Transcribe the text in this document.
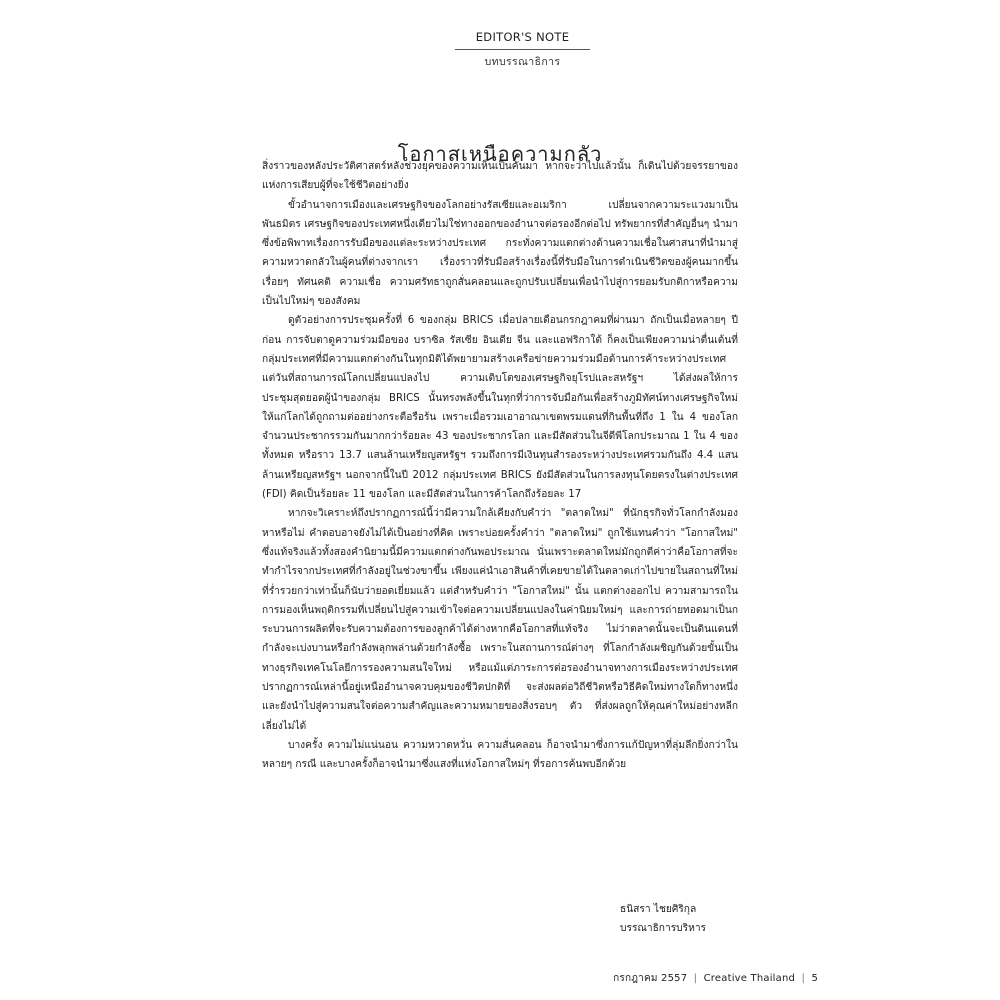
EDITOR'S NOTE
บทบรรณาธิการ
โอกาสเหนือความกลัว

สิ่งราวของหลังประวัติศาสตร์หลังช่วงยุคของความเห็นเป็นคันมา หากจะว่าไปแล้วนั้น ก็เดินไปด้วยจรรยาของแห่งการเสียบผู้ที่จะใช้ชีวิตอย่างยิ่ง

ขั้วอำนาจการเมืองและเศรษฐกิจของโลกอย่างรัสเซียและอเมริกา เปลี่ยนจากความระแวงมาเป็นพันธมิตร เศรษฐกิจของประเทศหนึ่งเดียวไม่ใช่ทางออกของอำนาจต่อรองอีกต่อไป ทรัพยากรที่สำคัญอื่นๆ นำมาซึ่งข้อพิพาทเรื่องการรับมือของแต่ละระหว่างประเทศ กระทั่งความแตกต่างด้านความเชื่อในศาสนาที่นำมาสู่ความหวาดกลัวในผู้คนที่ต่างจากเรา เรื่องราวที่รับมือสร้างเรื่องนี้ที่รับมือในการดำเนินชีวิตของผู้คนมากขึ้นเรื่อยๆ ทัศนคติ ความเชื่อ ความศรัทธาถูกสั่นคลอนและถูกปรับเปลี่ยนเพื่อนำไปสู่การยอมรับกติกาหรือความเป็นไปใหม่ๆ ของสังคม

ดูตัวอย่างการประชุมครั้งที่ 6 ของกลุ่ม BRICS เมื่อปลายเดือนกรกฎาคมที่ผ่านมา ถักเป็นเมื่อหลายๆ ปีก่อน การจับตาดูความร่วมมือของ บราซิล รัสเซีย อินเดีย จีน และแอฟริกาใต้ ก็คงเป็นเพียงความน่าตื่นเต้นที่กลุ่มประเทศที่มีความแตกต่างกันในทุกมิติได้พยายามสร้างเครือข่ายความร่วมมือด้านการค้าระหว่างประเทศ แต่วันที่สถานการณ์โลกเปลี่ยนแปลงไป ความเติบโตของเศรษฐกิจยุโรปและสหรัฐฯ ได้ส่งผลให้การประชุมสุดยอดผู้นำของกลุ่ม BRICS นั้นทรงพลังขึ้นในทุกที่ว่าการจับมือกันเพื่อสร้างภูมิทัศน์ทางเศรษฐกิจใหม่ให้แก่โลกได้ถูกถามต่ออย่างกระตือรือร้น เพราะเมื่อรวมเอาอาณาเขตพรมแดนที่กินพื้นที่ถึง 1 ใน 4 ของโลก จำนวนประชากรรวมกันมากกว่าร้อยละ 43 ของประชากรโลก และมีสัดส่วนในจีดีพีโลกประมาณ 1 ใน 4 ของทั้งหมด หรือราว 13.7 แสนล้านเหรียญสหรัฐฯ รวมถึงการมีเงินทุนสำรองระหว่างประเทศรวมกันถึง 4.4 แสนล้านเหรียญสหรัฐฯ นอกจากนี้ในปี 2012 กลุ่มประเทศ BRICS ยังมีสัดส่วนในการลงทุนโดยตรงในต่างประเทศ (FDI) คิดเป็นร้อยละ 11 ของโลก และมีสัดส่วนในการค้าโลกถึงร้อยละ 17

หากจะวิเคราะห์ถึงปรากฏการณ์นี้ว่ามีความใกล้เคียงกับคำว่า "ตลาดใหม่" ที่นักธุรกิจทั่วโลกกำลังมองหาหรือไม่ คำตอบอาจยังไม่ได้เป็นอย่างที่คิด เพราะบ่อยครั้งคำว่า "ตลาดใหม่" ถูกใช้แทนคำว่า "โอกาสใหม่" ซึ่งแท้จริงแล้วทั้งสองคำนิยามนี้มีความแตกต่างกันพอประมาณ นั่นเพราะตลาดใหม่มักถูกตีค่าว่าคือโอกาสที่จะทำกำไรจากประเทศที่กำลังอยู่ในช่วงขาขึ้น เพียงแค่นำเอาสินค้าที่เคยขายได้ในตลาดเก่าไปขายในสถานที่ใหม่ที่ร่ำรวยกว่าเท่านั้นก็นับว่ายอดเยี่ยมแล้ว แต่สำหรับคำว่า "โอกาสใหม่" นั้น แตกต่างออกไป ความสามารถในการมองเห็นพฤติกรรมที่เปลี่ยนไปสู่ความเข้าใจต่อความเปลี่ยนแปลงในค่านิยมใหม่ๆ และการถ่ายทอดมาเป็นกระบวนการผลิตที่จะรับความต้องการของลูกค้าได้ต่างหากคือโอกาสที่แท้จริง ไม่ว่าตลาดนั้นจะเป็นดินแดนที่กำลังจะเบ่งบานหรือกำลังพลุกพล่านด้วยกำลังซื้อ เพราะในสถานการณ์ต่างๆ ที่โลกกำลังเผชิญกันด้วยขั้นเป็นทางธุรกิจเทคโนโลยีการรองความสนใจใหม่ หรือแม้แต่ภาระการต่อรองอำนาจทางการเมืองระหว่างประเทศ ปรากฏการณ์เหล่านี้อยู่เหนืออำนาจควบคุมของชีวิตปกติที่ จะส่งผลต่อวิถีชีวิตหรือวิธีคิดใหม่ทางใดก็ทางหนึ่ง และยังนำไปสู่ความสนใจต่อความสำคัญและความหมายของสิ่งรอบๆ ตัว ที่ส่งผลถูกให้คุณค่าใหม่อย่างหลีกเลี่ยงไม่ได้

บางครั้ง ความไม่แน่นอน ความหวาดหวั่น ความสั่นคลอน ก็อาจนำมาซึ่งการแก้ปัญหาที่ลุ่มลึกยิ่งกว่าในหลายๆ กรณี และบางครั้งก็อาจนำมาซึ่งแสงที่แห่งโอกาสใหม่ๆ ที่รอการค้นพบอีกด้วย

ธนิสรา ไชยศิริกุล
บรรณาธิการบริหาร
กรกฎาคม 2557 | Creative Thailand | 5
